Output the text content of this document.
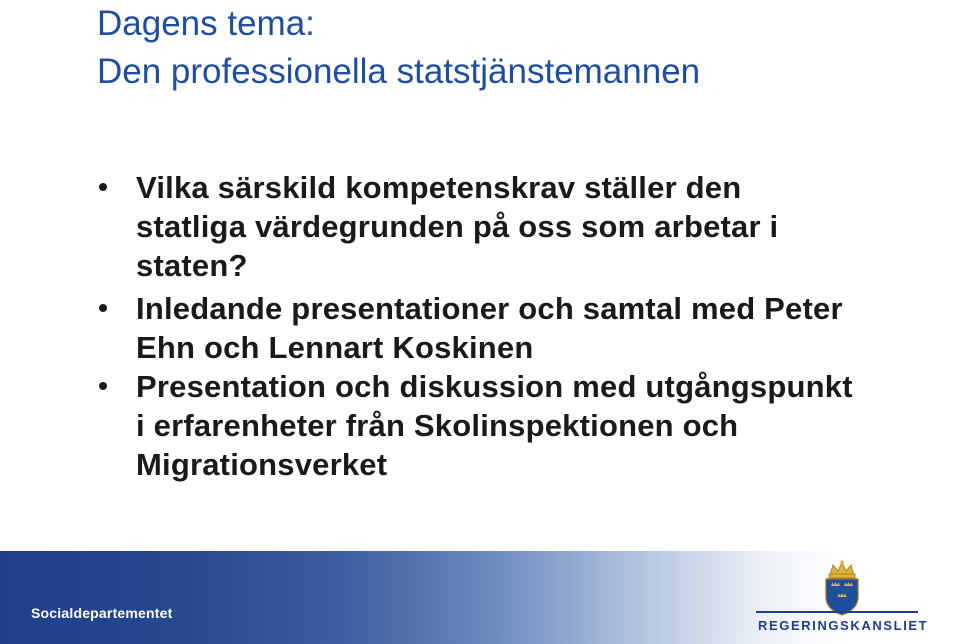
Dagens tema:
Den professionella statstjänstemannen
Vilka särskild kompetenskrav ställer den statliga värdegrunden på oss som arbetar i staten?
Inledande presentationer och samtal med Peter Ehn och Lennart Koskinen
Presentation och diskussion med utgångspunkt i erfarenheter från Skolinspektionen och Migrationsverket
Socialdepartementet
REGERINGSKANSLIET
